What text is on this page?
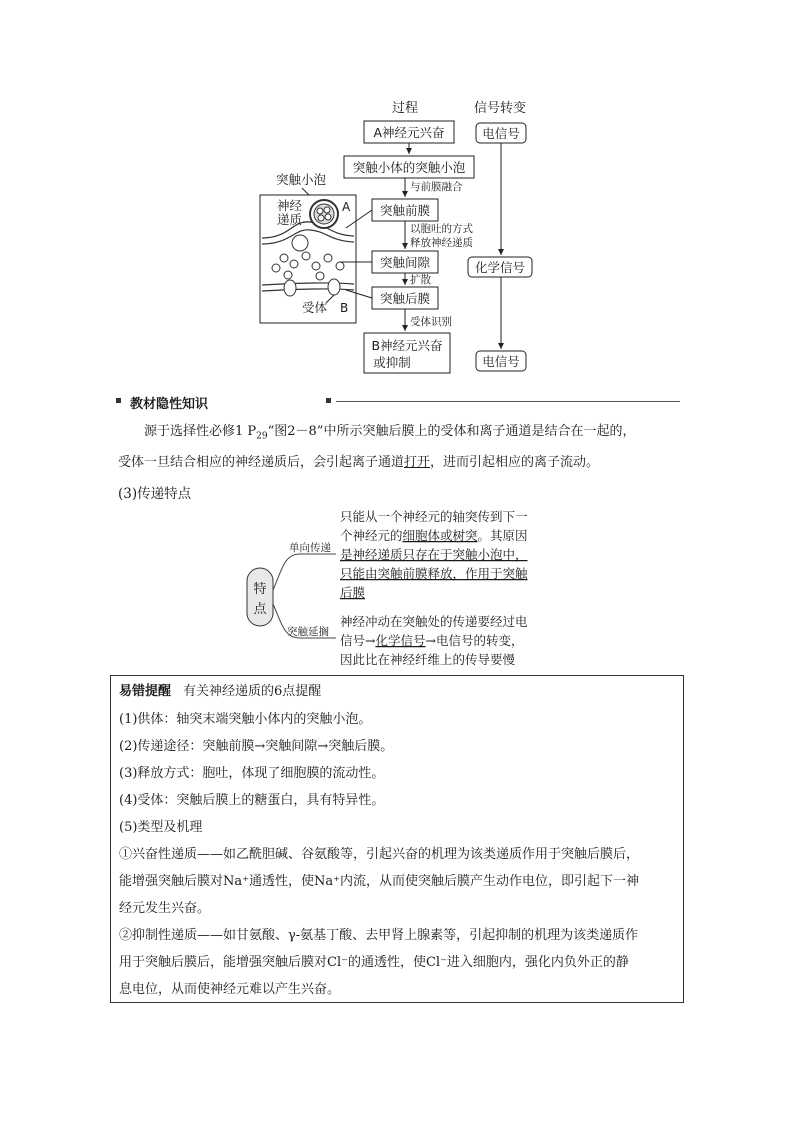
过程	信号转变
A神经元兴奋
突触小体的突触小泡
突触前膜
突触间隙
突触后膜
B神经元兴奋
或抑制
与前膜融合
以胞吐的方式
释放神经递质
扩散
受体识别
电信号
化学信号
电信号
突触小泡
神经
递质
A
受体 B
教材隐性知识
源于选择性必修1 $P_{29}“$图2－8”中所示突触后膜上的受体和离子通道是结合在一起的，
受体一旦结合相应的神经递质后，会引起离子通道打开，进而引起相应的离子流动。
(3)传递特点
特
点
单向传递
突触延搁
只能从一个神经元的轴突传到下一
个神经元的细胞体或树突。其原因
是神经递质只存在于突触小泡中，
只能由突触前膜释放，作用于突触
后膜
神经冲动在突触处的传递要经过电
信号→化学信号→电信号的转变，
因此比在神经纤维上的传导要慢
易错提醒 有关神经递质的6点提醒
(1)供体：轴突末端突触小体内的突触小泡。
(2)传递途径：突触前膜→突触间隙→突触后膜。
(3)释放方式：胞吐，体现了细胞膜的流动性。
(4)受体：突触后膜上的糖蛋白，具有特异性。
(5)类型及机理
①兴奋性递质——如乙酰胆碱、谷氨酸等，引起兴奋的机理为该类递质作用于突触后膜后，
能增强突触后膜对Na⁺通透性，使Na⁺内流，从而使突触后膜产生动作电位，即引起下一神
经元发生兴奋。
②抑制性递质——如甘氨酸、γ-氨基丁酸、去甲肾上腺素等，引起抑制的机理为该类递质作
用于突触后膜后，能增强突触后膜对Cl⁻的通透性，使Cl⁻进入细胞内，强化内负外正的静
息电位，从而使神经元难以产生兴奋。
